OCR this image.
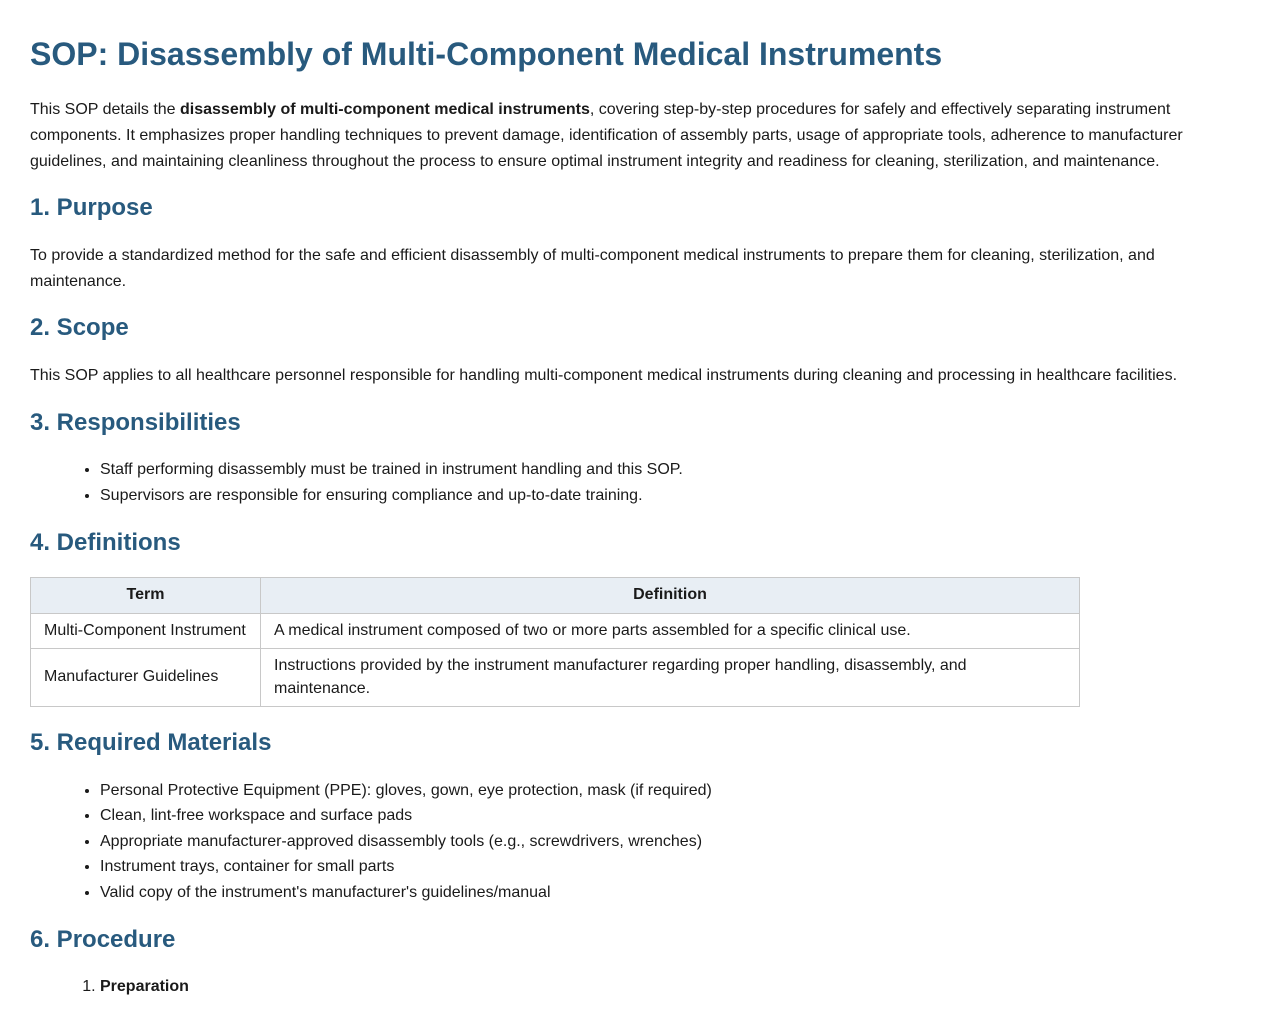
SOP: Disassembly of Multi-Component Medical Instruments

This SOP details the disassembly of multi-component medical instruments, covering step-by-step procedures for safely and effectively separating instrument components. It emphasizes proper handling techniques to prevent damage, identification of assembly parts, usage of appropriate tools, adherence to manufacturer guidelines, and maintaining cleanliness throughout the process to ensure optimal instrument integrity and readiness for cleaning, sterilization, and maintenance.

1. Purpose

To provide a standardized method for the safe and efficient disassembly of multi-component medical instruments to prepare them for cleaning, sterilization, and maintenance.

2. Scope

This SOP applies to all healthcare personnel responsible for handling multi-component medical instruments during cleaning and processing in healthcare facilities.

3. Responsibilities
• Staff performing disassembly must be trained in instrument handling and this SOP.
• Supervisors are responsible for ensuring compliance and up-to-date training.
4. Definitions
Term	Definition
Multi-Component Instrument	A medical instrument composed of two or more parts assembled for a specific clinical use.
Manufacturer Guidelines	Instructions provided by the instrument manufacturer regarding proper handling, disassembly, and maintenance.
5. Required Materials
• Personal Protective Equipment (PPE): gloves, gown, eye protection, mask (if required)
• Clean, lint-free workspace and surface pads
• Appropriate manufacturer-approved disassembly tools (e.g., screwdrivers, wrenches)
• Instrument trays, container for small parts
• Valid copy of the instrument's manufacturer's guidelines/manual
6. Procedure
1. Preparation
